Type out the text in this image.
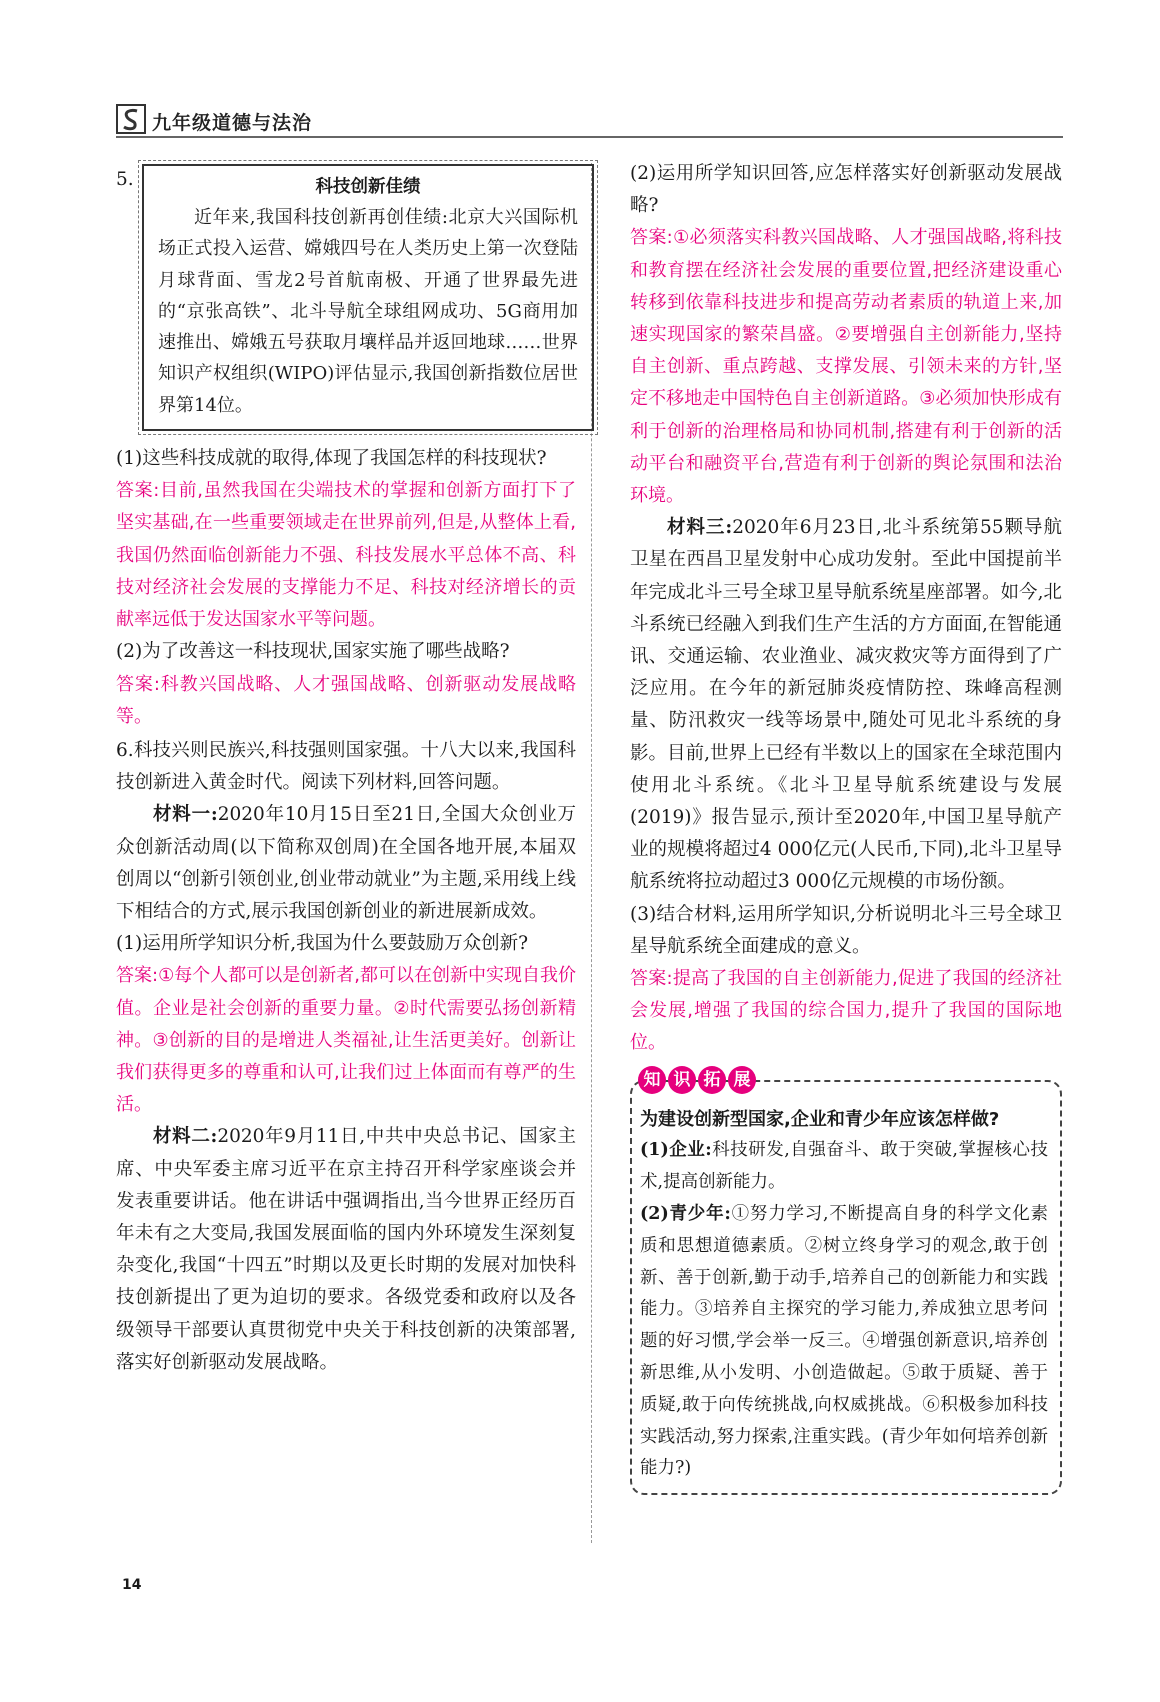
九年级道德与法治
5.	科技创新佳绩

近年来,我国科技创新再创佳绩:北京大兴国际机场正式投入运营、嫦娥四号在人类历史上第一次登陆月球背面、雪龙2号首航南极、开通了世界最先进的“京张高铁”、北斗导航全球组网成功、5G商用加速推出、嫦娥五号获取月壤样品并返回地球……世界知识产权组织(WIPO)评估显示,我国创新指数位居世界第14位。

(1)这些科技成就的取得,体现了我国怎样的科技现状?

答案:目前,虽然我国在尖端技术的掌握和创新方面打下了坚实基础,在一些重要领域走在世界前列,但是,从整体上看,我国仍然面临创新能力不强、科技发展水平总体不高、科技对经济社会发展的支撑能力不足、科技对经济增长的贡献率远低于发达国家水平等问题。

(2)为了改善这一科技现状,国家实施了哪些战略?

答案:科教兴国战略、人才强国战略、创新驱动发展战略等。

6.科技兴则民族兴,科技强则国家强。十八大以来,我国科技创新进入黄金时代。阅读下列材料,回答问题。

材料一:2020年10月15日至21日,全国大众创业万众创新活动周(以下简称双创周)在全国各地开展,本届双创周以“创新引领创业,创业带动就业”为主题,采用线上线下相结合的方式,展示我国创新创业的新进展新成效。

(1)运用所学知识分析,我国为什么要鼓励万众创新?

答案:①每个人都可以是创新者,都可以在创新中实现自我价值。企业是社会创新的重要力量。②时代需要弘扬创新精神。③创新的目的是增进人类福祉,让生活更美好。创新让我们获得更多的尊重和认可,让我们过上体面而有尊严的生活。

材料二:2020年9月11日,中共中央总书记、国家主席、中央军委主席习近平在京主持召开科学家座谈会并发表重要讲话。他在讲话中强调指出,当今世界正经历百年未有之大变局,我国发展面临的国内外环境发生深刻复杂变化,我国“十四五”时期以及更长时期的发展对加快科技创新提出了更为迫切的要求。各级党委和政府以及各级领导干部要认真贯彻党中央关于科技创新的决策部署,落实好创新驱动发展战略。

(2)运用所学知识回答,应怎样落实好创新驱动发展战略?

答案:①必须落实科教兴国战略、人才强国战略,将科技和教育摆在经济社会发展的重要位置,把经济建设重心转移到依靠科技进步和提高劳动者素质的轨道上来,加速实现国家的繁荣昌盛。②要增强自主创新能力,坚持自主创新、重点跨越、支撑发展、引领未来的方针,坚定不移地走中国特色自主创新道路。③必须加快形成有利于创新的治理格局和协同机制,搭建有利于创新的活动平台和融资平台,营造有利于创新的舆论氛围和法治环境。

材料三:2020年6月23日,北斗系统第55颗导航卫星在西昌卫星发射中心成功发射。至此中国提前半年完成北斗三号全球卫星导航系统星座部署。如今,北斗系统已经融入到我们生产生活的方方面面,在智能通讯、交通运输、农业渔业、减灾救灾等方面得到了广泛应用。在今年的新冠肺炎疫情防控、珠峰高程测量、防汛救灾一线等场景中,随处可见北斗系统的身影。目前,世界上已经有半数以上的国家在全球范围内使用北斗系统。《北斗卫星导航系统建设与发展(2019)》报告显示,预计至2020年,中国卫星导航产业的规模将超过4 000亿元(人民币,下同),北斗卫星导航系统将拉动超过3 000亿元规模的市场份额。

(3)结合材料,运用所学知识,分析说明北斗三号全球卫星导航系统全面建成的意义。

答案:提高了我国的自主创新能力,促进了我国的经济社会发展,增强了我国的综合国力,提升了我国的国际地位。

知 识 拓 展

为建设创新型国家,企业和青少年应该怎样做?

(1)企业:科技研发,自强奋斗、敢于突破,掌握核心技术,提高创新能力。

(2)青少年:①努力学习,不断提高自身的科学文化素质和思想道德素质。②树立终身学习的观念,敢于创新、善于创新,勤于动手,培养自己的创新能力和实践能力。③培养自主探究的学习能力,养成独立思考问题的好习惯,学会举一反三。④增强创新意识,培养创新思维,从小发明、小创造做起。⑤敢于质疑、善于质疑,敢于向传统挑战,向权威挑战。⑥积极参加科技实践活动,努力探索,注重实践。(青少年如何培养创新能力?)

14
